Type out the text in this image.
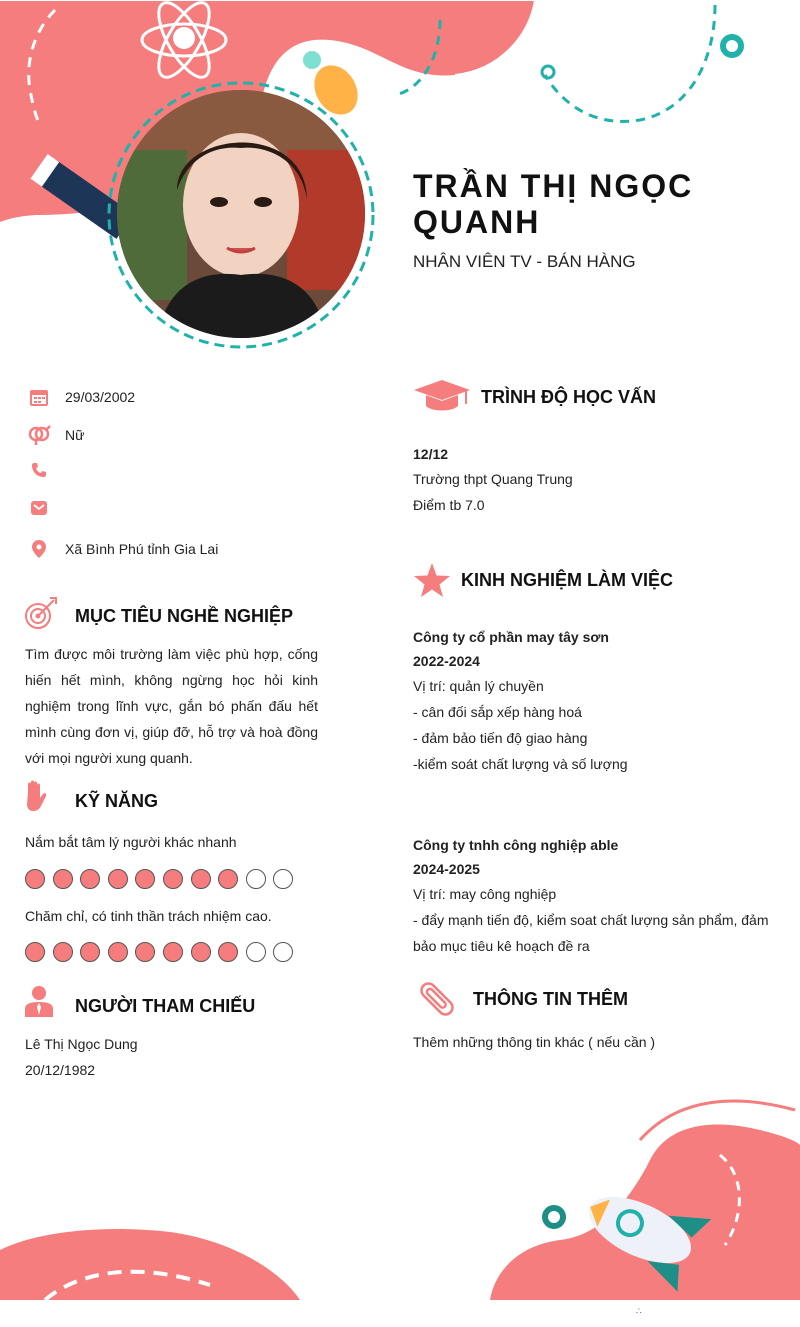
TRẦN THỊ NGỌC QUANH
NHÂN VIÊN TV - BÁN HÀNG
29/03/2002
Nữ
Xã Bình Phú tỉnh Gia Lai
MỤC TIÊU NGHỀ NGHIỆP
Tìm được môi trường làm việc phù hợp, cống hiến hết mình, không ngừng học hỏi kinh nghiệm trong lĩnh vực, gắn bó phấn đấu hết mình cùng đơn vị, giúp đỡ, hỗ trợ và hoà đồng với mọi người xung quanh.
KỸ NĂNG
Nắm bắt tâm lý người khác nhanh
Chăm chỉ, có tinh thần trách nhiệm cao.
NGƯỜI THAM CHIẾU
Lê Thị Ngọc Dung
20/12/1982
TRÌNH ĐỘ HỌC VẤN
12/12
Trường thpt Quang Trung
Điểm tb 7.0
KINH NGHIỆM LÀM VIỆC
Công ty cổ phần may tây sơn
2022-2024
Vị trí: quản lý chuyền
- cân đối sắp xếp hàng hoá
- đảm bảo tiến độ giao hàng
-kiểm soát chất lượng và số lượng
Công ty tnhh công nghiệp able
2024-2025
Vị trí: may công nghiệp
- đẩy mạnh tiến độ, kiểm soat chất lượng sản phẩm, đảm bảo mục tiêu kê hoạch đề ra
THÔNG TIN THÊM
Thêm những thông tin khác ( nếu cần )
∴
